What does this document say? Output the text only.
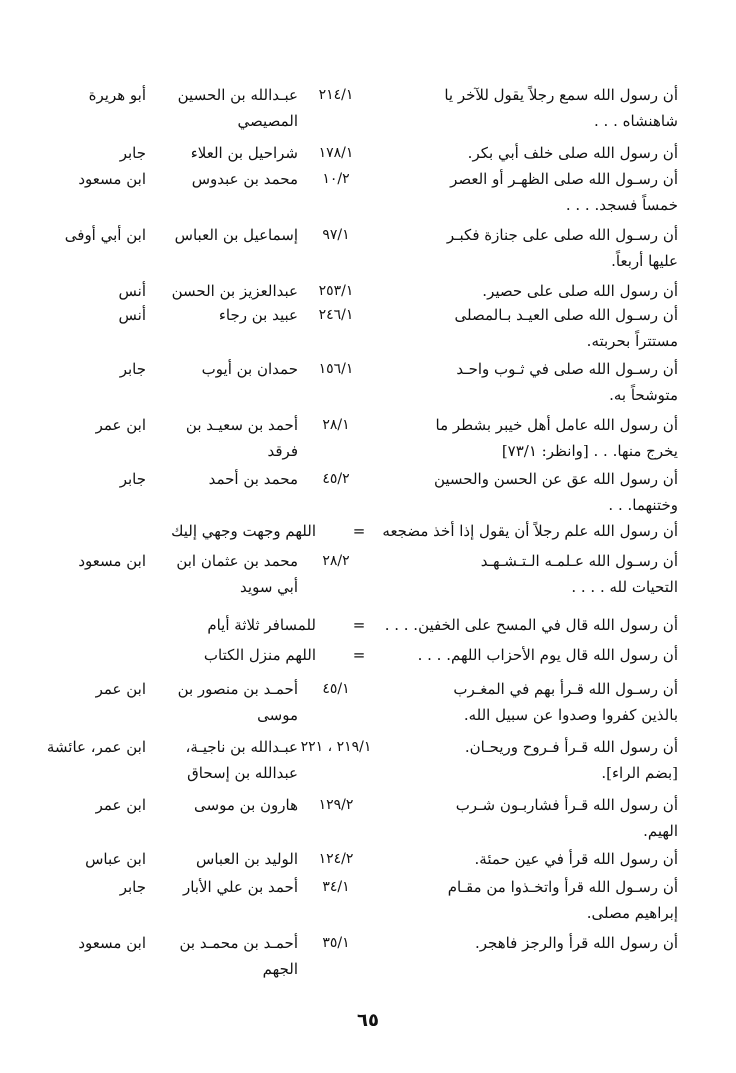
أن رسول الله سمع رجلاً يقول للآخر يا
شاهنشاه . . .
٢١٤/١
عبـدالله بن الحسين
المصيصي
أبو هريرة
أن رسول الله صلى خلف أبي بكر.
١٧٨/١
شراحيل بن العلاء
جابر
أن رسـول الله صلى الظهـر أو العصر
خمساً فسجد. . . .
١٠/٢
محمد بن عبدوس
ابن مسعود
أن رسـول الله صلى على جنازة فكبـر
عليها أربعاً.
٩٧/١
إسماعيل بن العباس
ابن أبي أوفى
أن رسول الله صلى على حصير.
٢٥٣/١
عبدالعزيز بن الحسن
أنس
أن رسـول الله صلى العيـد بـالمصلى
مستتراً بحربته.
٢٤٦/١
عبيد بن رجاء
أنس
أن رسـول الله صلى في ثـوب واحـد
متوشحاً به.
١٥٦/١
حمدان بن أيوب
جابر
أن رسول الله عامل أهل خيبر بشطر ما
يخرج منها. . . [وانظر: ٧٣/١]
٢٨/١
أحمد بن سعيـد بن
فرقد
ابن عمر
أن رسول الله عق عن الحسن والحسين
وختنهما. . .
٤٥/٢
محمد بن أحمد
جابر
أن رسول الله علم رجلاً أن يقول إذا أخذ مضجعه
=
اللهم وجهت وجهي إليك
أن رسـول الله عـلمـه الـتـشـهـد
التحيات لله . . . .
٢٨/٢
محمد بن عثمان ابن
أبي سويد
ابن مسعود
أن رسول الله قال في المسح على الخفين. . . .
=
للمسافر ثلاثة أيام
أن رسول الله قال يوم الأحزاب اللهم. . . .
=
اللهم منزل الكتاب
أن رسـول الله قـرأ بهم في المغـرب
بالذين كفروا وصدوا عن سبيل الله.
٤٥/١
أحمـد بن منصور بن
موسى
ابن عمر
أن رسول الله قـرأ فـروح وريحـان.
[بضم الراء].
٢١٩/١ ، ٢٢١
عبـدالله بن ناجيـة،
عبدالله بن إسحاق
ابن عمر، عائشة
أن رسول الله قـرأ فشاربـون شـرب
الهيم.
١٢٩/٢
هارون بن موسى
ابن عمر
أن رسول الله قرأ في عين حمئة.
١٢٤/٢
الوليد بن العباس
ابن عباس
أن رسـول الله قرأ واتخـذوا من مقـام
إبراهيم مصلى.
٣٤/١
أحمد بن علي الأبار
جابر
أن رسول الله قرأ والرجز فاهجر.
٣٥/١
أحمـد بن محمـد بن
الجهم
ابن مسعود
٦٥
